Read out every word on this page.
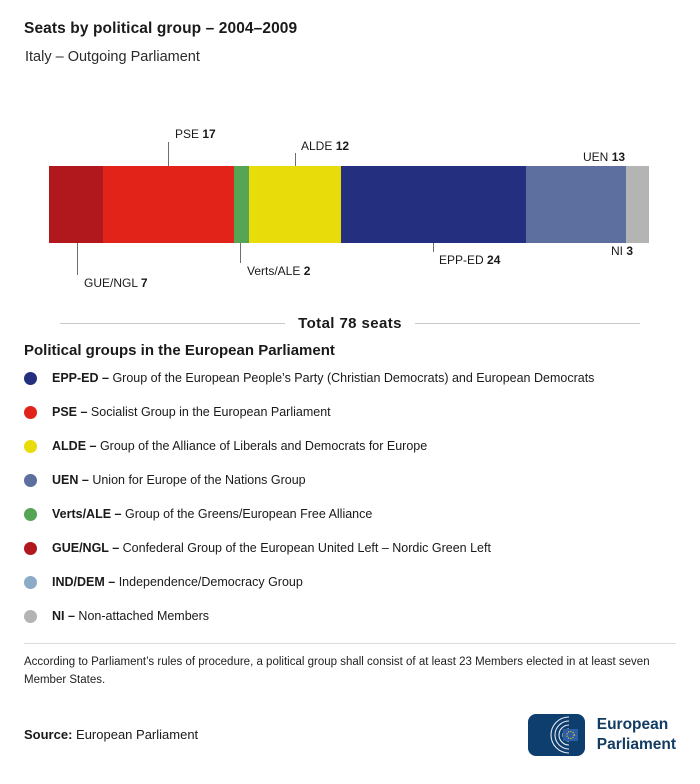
Seats by political group – 2004–2009
Italy – Outgoing Parliament
PSE 17
ALDE 12
UEN 13
GUE/NGL 7
Verts/ALE 2
EPP-ED 24
NI 3
Total 78 seats
Political groups in the European Parliament
EPP-ED – Group of the European People’s Party (Christian Democrats) and European Democrats
PSE – Socialist Group in the European Parliament
ALDE – Group of the Alliance of Liberals and Democrats for Europe
UEN – Union for Europe of the Nations Group
Verts/ALE – Group of the Greens/European Free Alliance
GUE/NGL – Confederal Group of the European United Left – Nordic Green Left
IND/DEM – Independence/Democracy Group
NI – Non-attached Members

According to Parliament’s rules of procedure, a political group shall consist of at least 23 Members elected in at least seven Member States.

Source: European Parliament

European
Parliament
